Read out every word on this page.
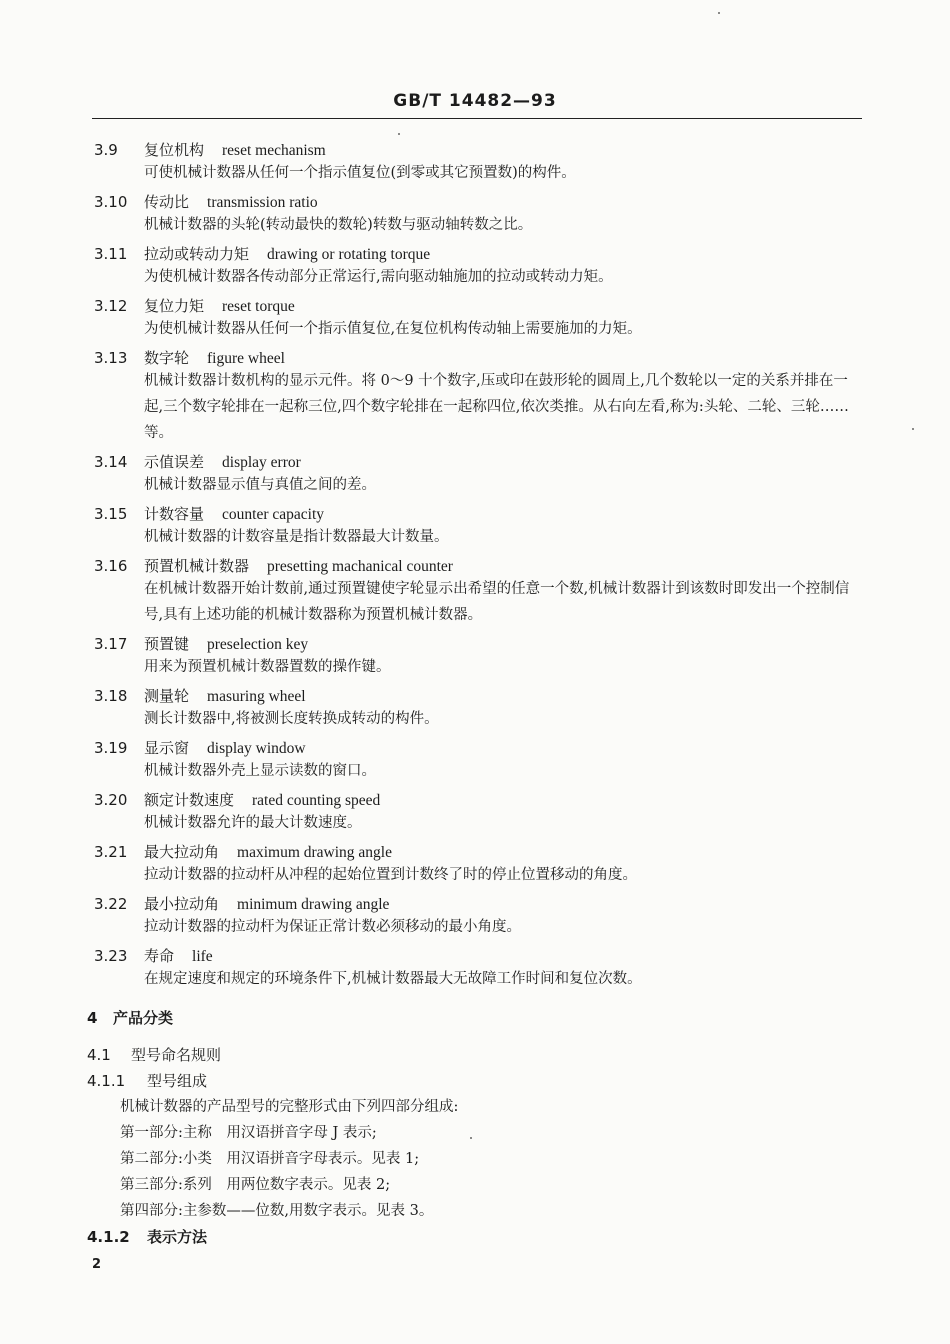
GB/T 14482—93
3.9 复位机构 reset mechanism
可使机械计数器从任何一个指示值复位(到零或其它预置数)的构件。
3.10 传动比 transmission ratio
机械计数器的头轮(转动最快的数轮)转数与驱动轴转数之比。
3.11 拉动或转动力矩 drawing or rotating torque
为使机械计数器各传动部分正常运行,需向驱动轴施加的拉动或转动力矩。
3.12 复位力矩 reset torque
为使机械计数器从任何一个指示值复位,在复位机构传动轴上需要施加的力矩。
3.13 数字轮 figure wheel
机械计数器计数机构的显示元件。将 0～9 十个数字,压或印在鼓形轮的圆周上,几个数轮以一定的关系并排在一起,三个数字轮排在一起称三位,四个数字轮排在一起称四位,依次类推。从右向左看,称为:头轮、二轮、三轮……等。
3.14 示值误差 display error
机械计数器显示值与真值之间的差。
3.15 计数容量 counter capacity
机械计数器的计数容量是指计数器最大计数量。
3.16 预置机械计数器 presetting machanical counter
在机械计数器开始计数前,通过预置键使字轮显示出希望的任意一个数,机械计数器计到该数时即发出一个控制信号,具有上述功能的机械计数器称为预置机械计数器。
3.17 预置键 preselection key
用来为预置机械计数器置数的操作键。
3.18 测量轮 masuring wheel
测长计数器中,将被测长度转换成转动的构件。
3.19 显示窗 display window
机械计数器外壳上显示读数的窗口。
3.20 额定计数速度 rated counting speed
机械计数器允许的最大计数速度。
3.21 最大拉动角 maximum drawing angle
拉动计数器的拉动杆从冲程的起始位置到计数终了时的停止位置移动的角度。
3.22 最小拉动角 minimum drawing angle
拉动计数器的拉动杆为保证正常计数必须移动的最小角度。
3.23 寿命 life
在规定速度和规定的环境条件下,机械计数器最大无故障工作时间和复位次数。
4 产品分类
4.1 型号命名规则
4.1.1 型号组成
机械计数器的产品型号的完整形式由下列四部分组成:
第一部分:主称　用汉语拼音字母 J 表示;
第二部分:小类　用汉语拼音字母表示。见表 1;
第三部分:系列　用两位数字表示。见表 2;
第四部分:主参数——位数,用数字表示。见表 3。
4.1.2 表示方法
2
